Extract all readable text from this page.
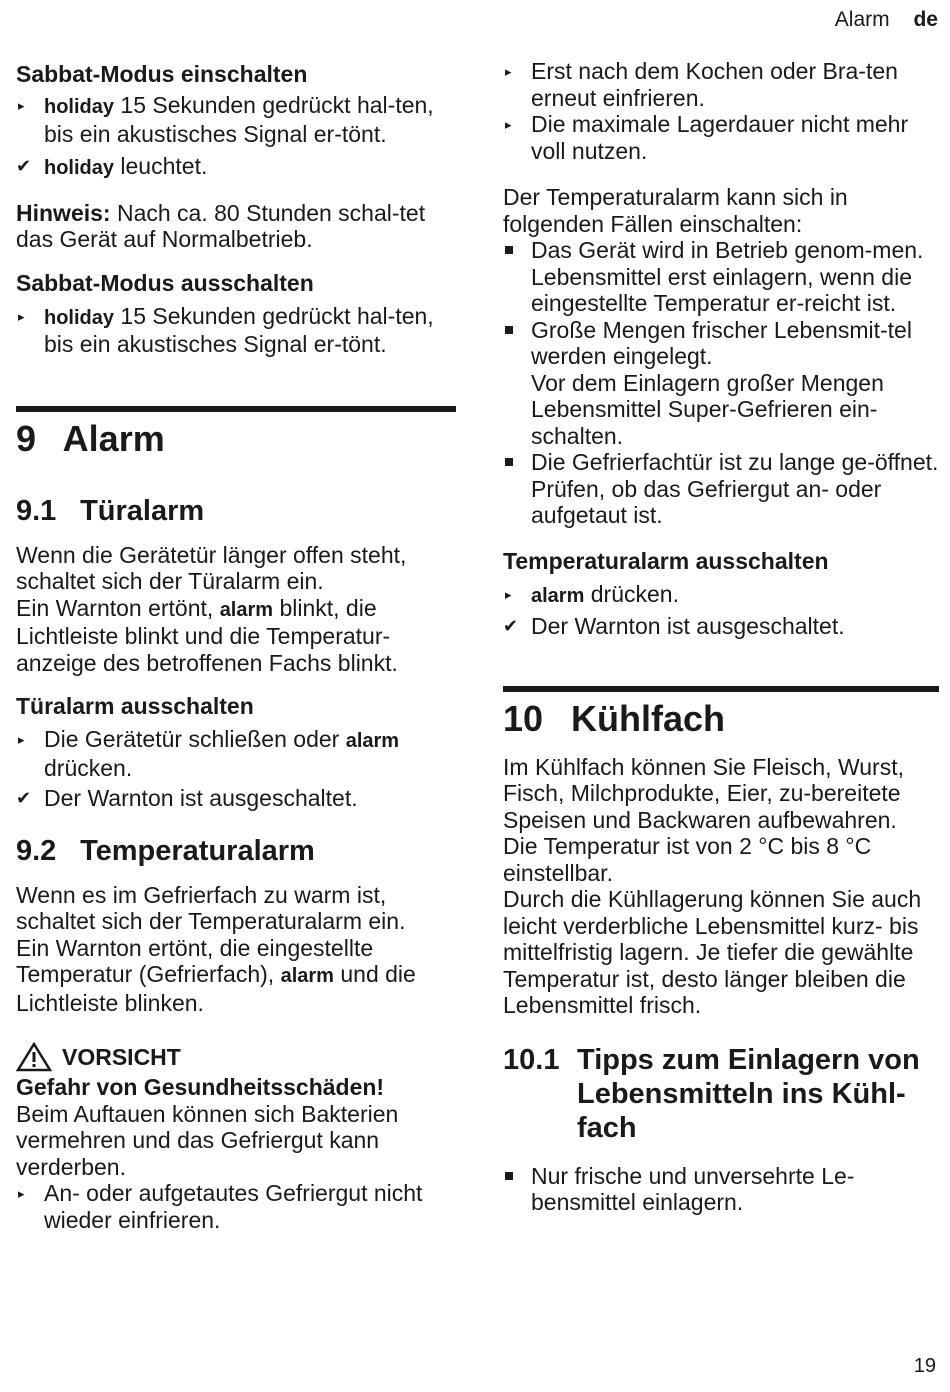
Alarm de
Sabbat-Modus einschalten
▸ holiday 15 Sekunden gedrückt hal-ten, bis ein akustisches Signal er-tönt.
✔ holiday leuchtet.

Hinweis: Nach ca. 80 Stunden schal-tet das Gerät auf Normalbetrieb.

Sabbat-Modus ausschalten
▸ holiday 15 Sekunden gedrückt hal-ten, bis ein akustisches Signal er-tönt.
9 Alarm
9.1 Türalarm

Wenn die Gerätetür länger offen steht, schaltet sich der Türalarm ein.

Ein Warnton ertönt, alarm blinkt, die Lichtleiste blinkt und die Temperatur-anzeige des betroffenen Fachs blinkt.

Türalarm ausschalten
▸ Die Gerätetür schließen oder alarm drücken.
✔ Der Warnton ist ausgeschaltet.
9.2 Temperaturalarm

Wenn es im Gefrierfach zu warm ist, schaltet sich der Temperaturalarm ein.

Ein Warnton ertönt, die eingestellte Temperatur (Gefrierfach), alarm und die Lichtleiste blinken.

VORSICHT

Gefahr von Gesundheitsschäden!

Beim Auftauen können sich Bakterien vermehren und das Gefriergut kann verderben.

▸ An- oder aufgetautes Gefriergut nicht wieder einfrieren.
▸ Erst nach dem Kochen oder Bra-ten erneut einfrieren.
▸ Die maximale Lagerdauer nicht mehr voll nutzen.

Der Temperaturalarm kann sich in folgenden Fällen einschalten:

Das Gerät wird in Betrieb genom-men.
Lebensmittel erst einlagern, wenn die eingestellte Temperatur er-reicht ist.
Große Mengen frischer Lebensmit-tel werden eingelegt.
Vor dem Einlagern großer Mengen Lebensmittel Super-Gefrieren ein-schalten.
Die Gefrierfachtür ist zu lange ge-öffnet.
Prüfen, ob das Gefriergut an- oder aufgetaut ist.
Temperaturalarm ausschalten
▸ alarm drücken.
✔ Der Warnton ist ausgeschaltet.
10 Kühlfach

Im Kühlfach können Sie Fleisch, Wurst, Fisch, Milchprodukte, Eier, zu-bereitete Speisen und Backwaren aufbewahren.

Die Temperatur ist von 2 °C bis 8 °C einstellbar.

Durch die Kühllagerung können Sie auch leicht verderbliche Lebensmittel kurz- bis mittelfristig lagern. Je tiefer die gewählte Temperatur ist, desto länger bleiben die Lebensmittel frisch.

10.1 Tipps zum Einlagern von Lebensmitteln ins Kühl-fach
Nur frische und unversehrte Le-bensmittel einlagern.
19
